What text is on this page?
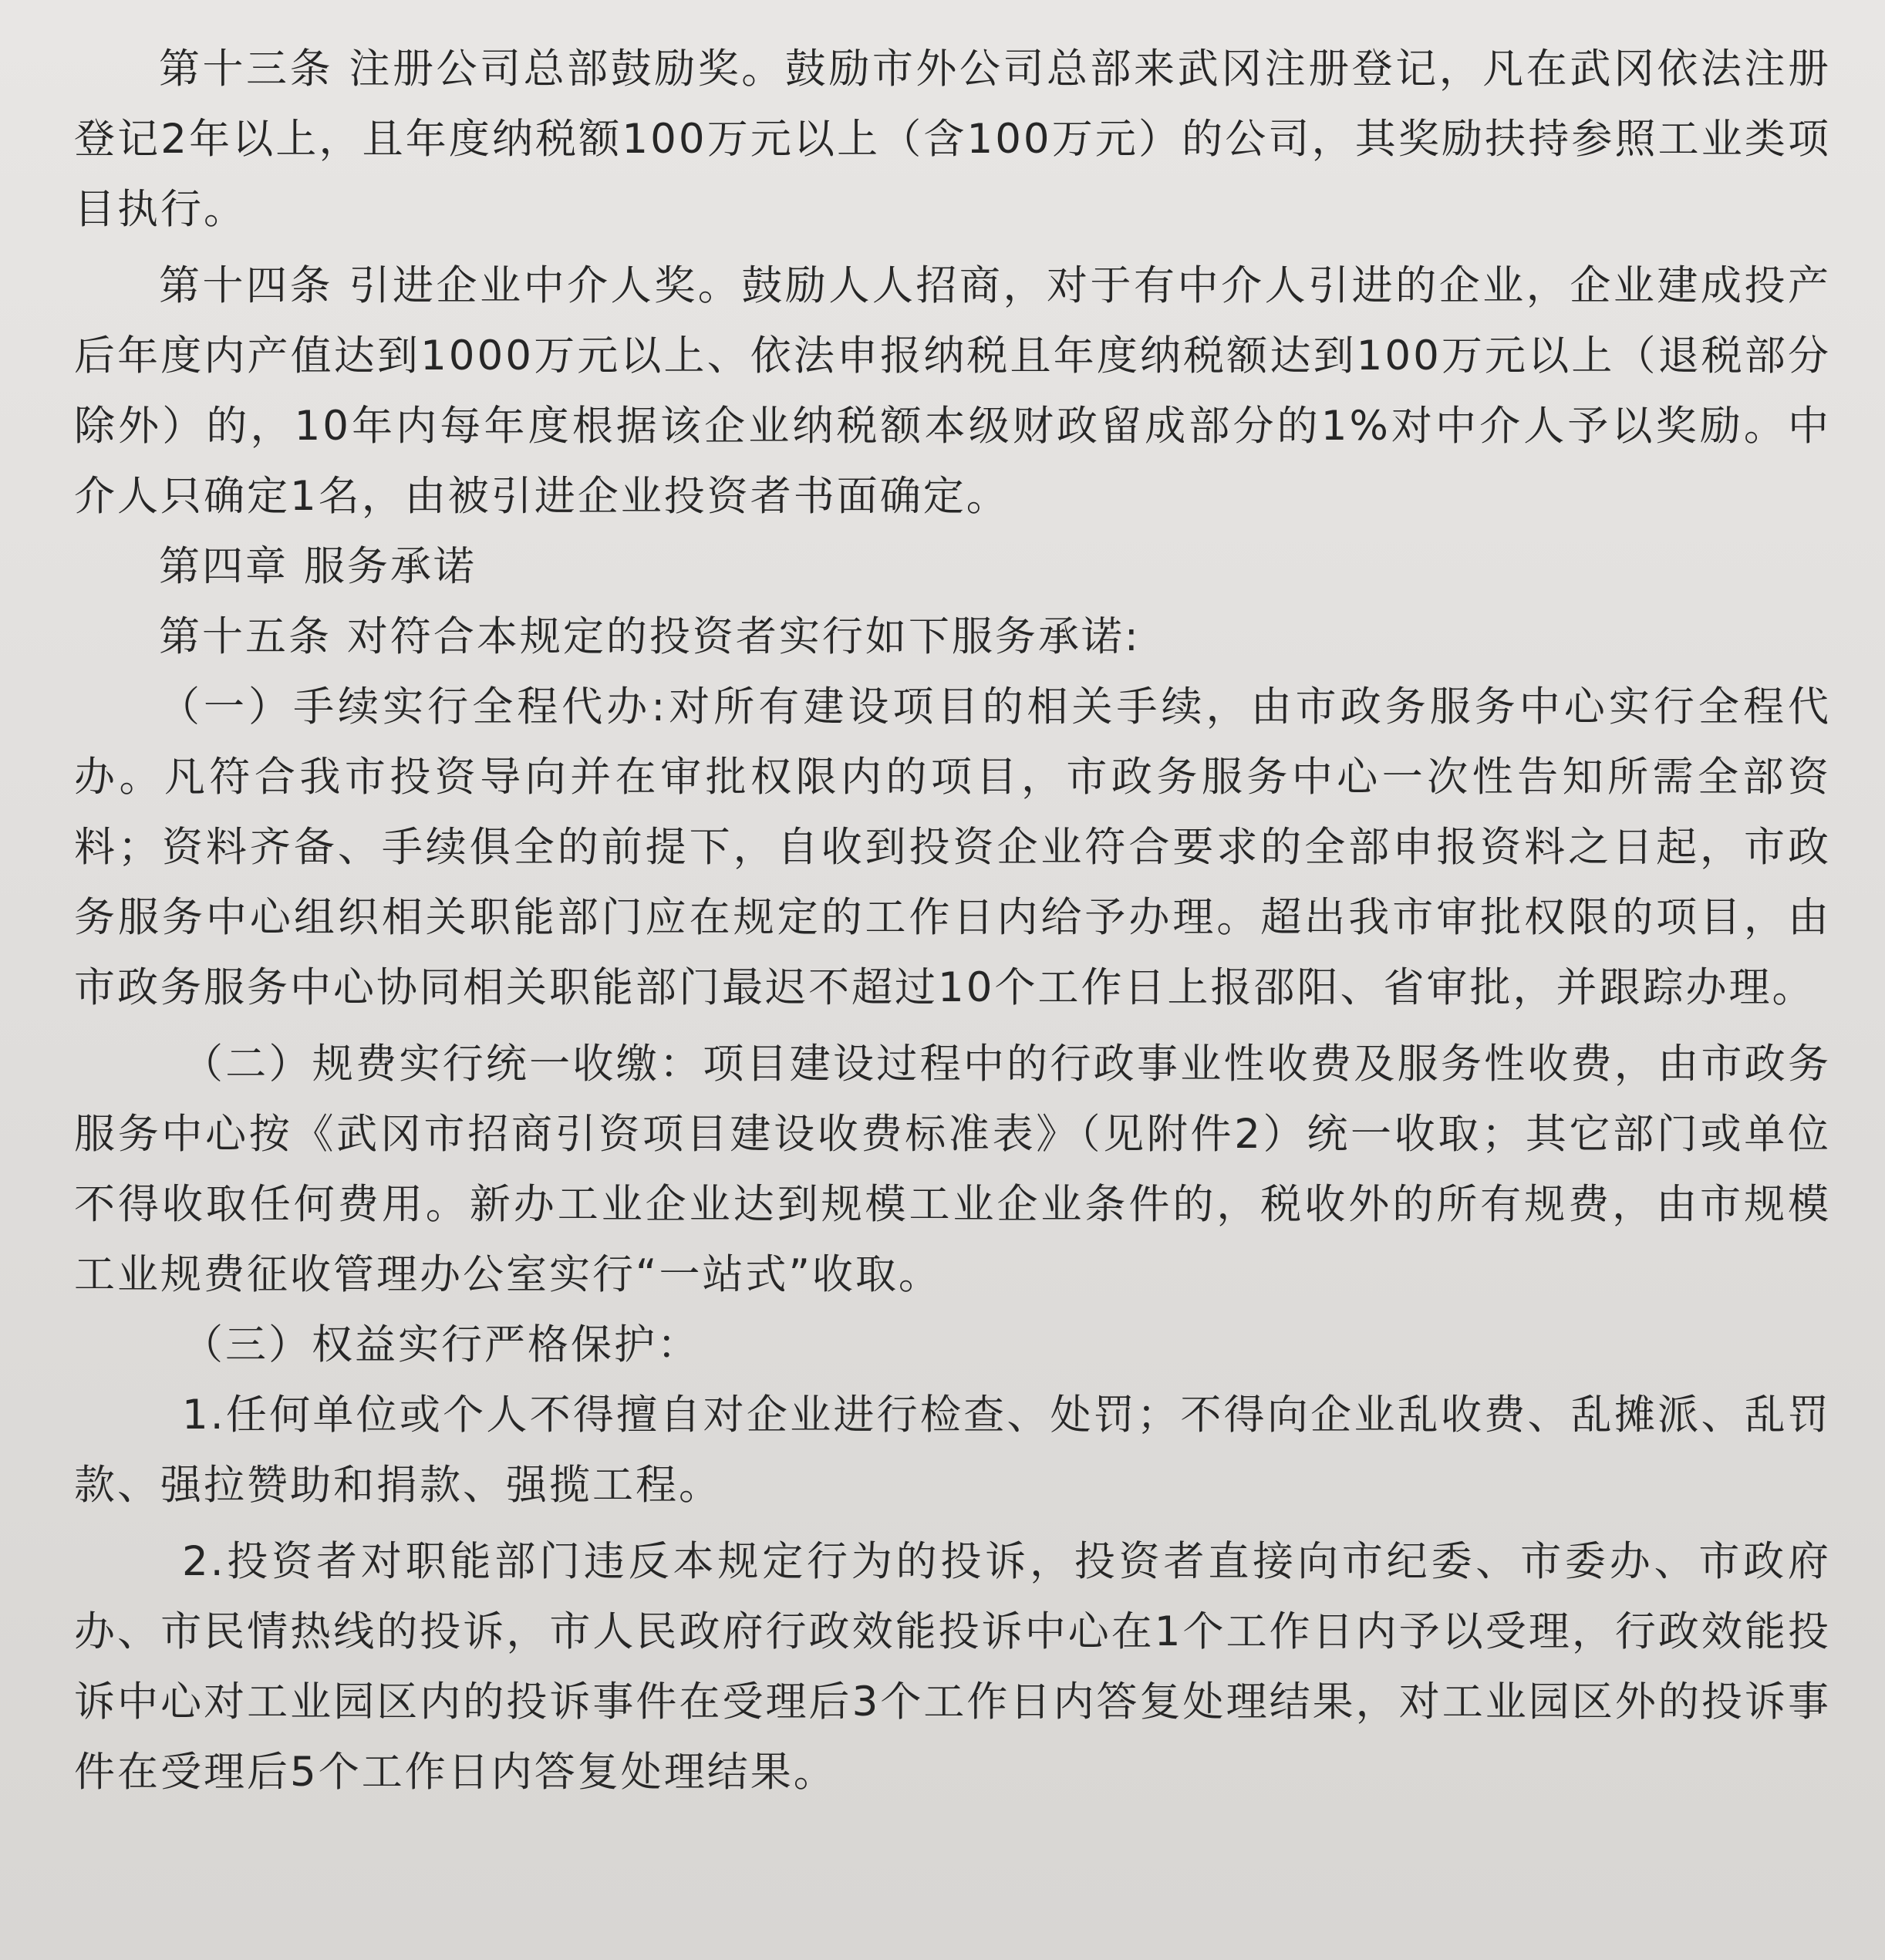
第十三条 注册公司总部鼓励奖。鼓励市外公司总部来武冈注册登记，凡在武冈依法注册登记2年以上，且年度纳税额100万元以上（含100万元）的公司，其奖励扶持参照工业类项目执行。

第十四条 引进企业中介人奖。鼓励人人招商，对于有中介人引进的企业，企业建成投产后年度内产值达到1000万元以上、依法申报纳税且年度纳税额达到100万元以上（退税部分除外）的，10年内每年度根据该企业纳税额本级财政留成部分的1%对中介人予以奖励。中介人只确定1名，由被引进企业投资者书面确定。

第四章 服务承诺

第十五条 对符合本规定的投资者实行如下服务承诺:

（一）手续实行全程代办:对所有建设项目的相关手续，由市政务服务中心实行全程代办。凡符合我市投资导向并在审批权限内的项目，市政务服务中心一次性告知所需全部资料；资料齐备、手续俱全的前提下，自收到投资企业符合要求的全部申报资料之日起，市政务服务中心组织相关职能部门应在规定的工作日内给予办理。超出我市审批权限的项目，由市政务服务中心协同相关职能部门最迟不超过10个工作日上报邵阳、省审批，并跟踪办理。

（二）规费实行统一收缴：项目建设过程中的行政事业性收费及服务性收费，由市政务服务中心按《武冈市招商引资项目建设收费标准表》（见附件2）统一收取；其它部门或单位不得收取任何费用。新办工业企业达到规模工业企业条件的，税收外的所有规费，由市规模工业规费征收管理办公室实行“一站式”收取。

（三）权益实行严格保护：

1.任何单位或个人不得擅自对企业进行检查、处罚；不得向企业乱收费、乱摊派、乱罚款、强拉赞助和捐款、强揽工程。

2.投资者对职能部门违反本规定行为的投诉，投资者直接向市纪委、市委办、市政府办、市民情热线的投诉，市人民政府行政效能投诉中心在1个工作日内予以受理，行政效能投诉中心对工业园区内的投诉事件在受理后3个工作日内答复处理结果，对工业园区外的投诉事件在受理后5个工作日内答复处理结果。
